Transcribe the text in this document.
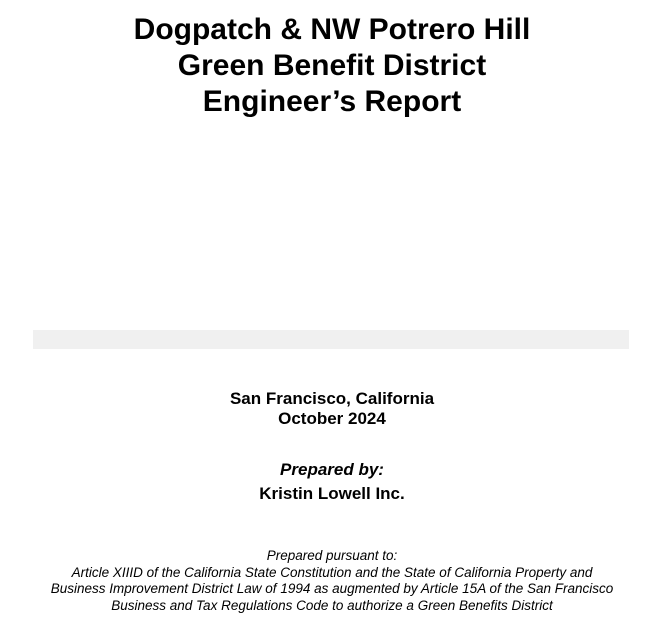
Dogpatch & NW Potrero Hill

Green Benefit District

Engineer’s Report

San Francisco, California

October 2024

Prepared by:

Kristin Lowell Inc.

Prepared pursuant to:

Article XIIID of the California State Constitution and the State of California Property and

Business Improvement District Law of 1994 as augmented by Article 15A of the San Francisco

Business and Tax Regulations Code to authorize a Green Benefits District
